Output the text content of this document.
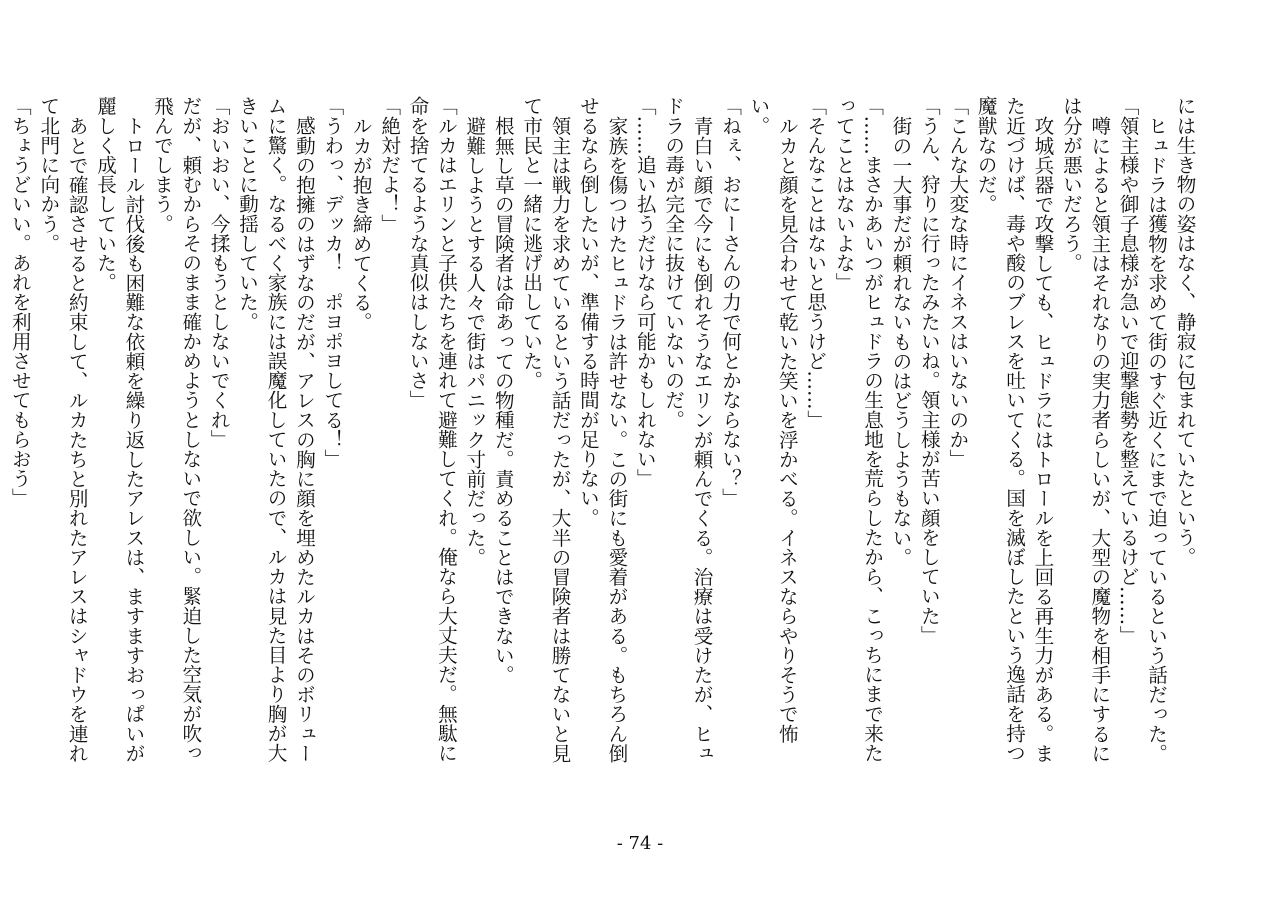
には生き物の姿はなく、静寂に包まれていたという。

ヒュドラは獲物を求めて街のすぐ近くにまで迫っているという話だった。

「領主様や御子息様が急いで迎撃態勢を整えているけど……」

噂によると領主はそれなりの実力者らしいが、大型の魔物を相手にするには分が悪いだろう。

攻城兵器で攻撃しても、ヒュドラにはトロールを上回る再生力がある。また近づけば、毒や酸のブレスを吐いてくる。国を滅ぼしたという逸話を持つ魔獣なのだ。

「こんな大変な時にイネスはいないのか」

「うん、狩りに行ったみたいね。領主様が苦い顔をしていた」

街の一大事だが頼れないものはどうしようもない。

「……まさかあいつがヒュドラの生息地を荒らしたから、こっちにまで来たってことはないよな」

「そんなことはないと思うけど……」

ルカと顔を見合わせて乾いた笑いを浮かべる。イネスならやりそうで怖い。

「ねぇ、おにーさんの力で何とかならない？」

青白い顔で今にも倒れそうなエリンが頼んでくる。治療は受けたが、ヒュドラの毒が完全に抜けていないのだ。

「……追い払うだけなら可能かもしれない」

家族を傷つけたヒュドラは許せない。この街にも愛着がある。もちろん倒せるなら倒したいが、準備する時間が足りない。

領主は戦力を求めているという話だったが、大半の冒険者は勝てないと見て市民と一緒に逃げ出していた。

根無し草の冒険者は命あっての物種だ。責めることはできない。

避難しようとする人々で街はパニック寸前だった。

「ルカはエリンと子供たちを連れて避難してくれ。俺なら大丈夫だ。無駄に命を捨てるような真似はしないさ」

「絶対だよ！」

ルカが抱き締めてくる。

「うわっ、デッカ！　ポヨポヨしてる！」

感動の抱擁のはずなのだが、アレスの胸に顔を埋めたルカはそのボリュームに驚く。なるべく家族には誤魔化していたので、ルカは見た目より胸が大きいことに動揺していた。

「おいおい、今揉もうとしないでくれ」

だが、頼むからそのまま確かめようとしないで欲しい。緊迫した空気が吹っ飛んでしまう。

トロール討伐後も困難な依頼を繰り返したアレスは、ますますおっぱいが麗しく成長していた。

あとで確認させると約束して、ルカたちと別れたアレスはシャドウを連れて北門に向かう。

「ちょうどいい。あれを利用させてもらおう」

- 74 -
